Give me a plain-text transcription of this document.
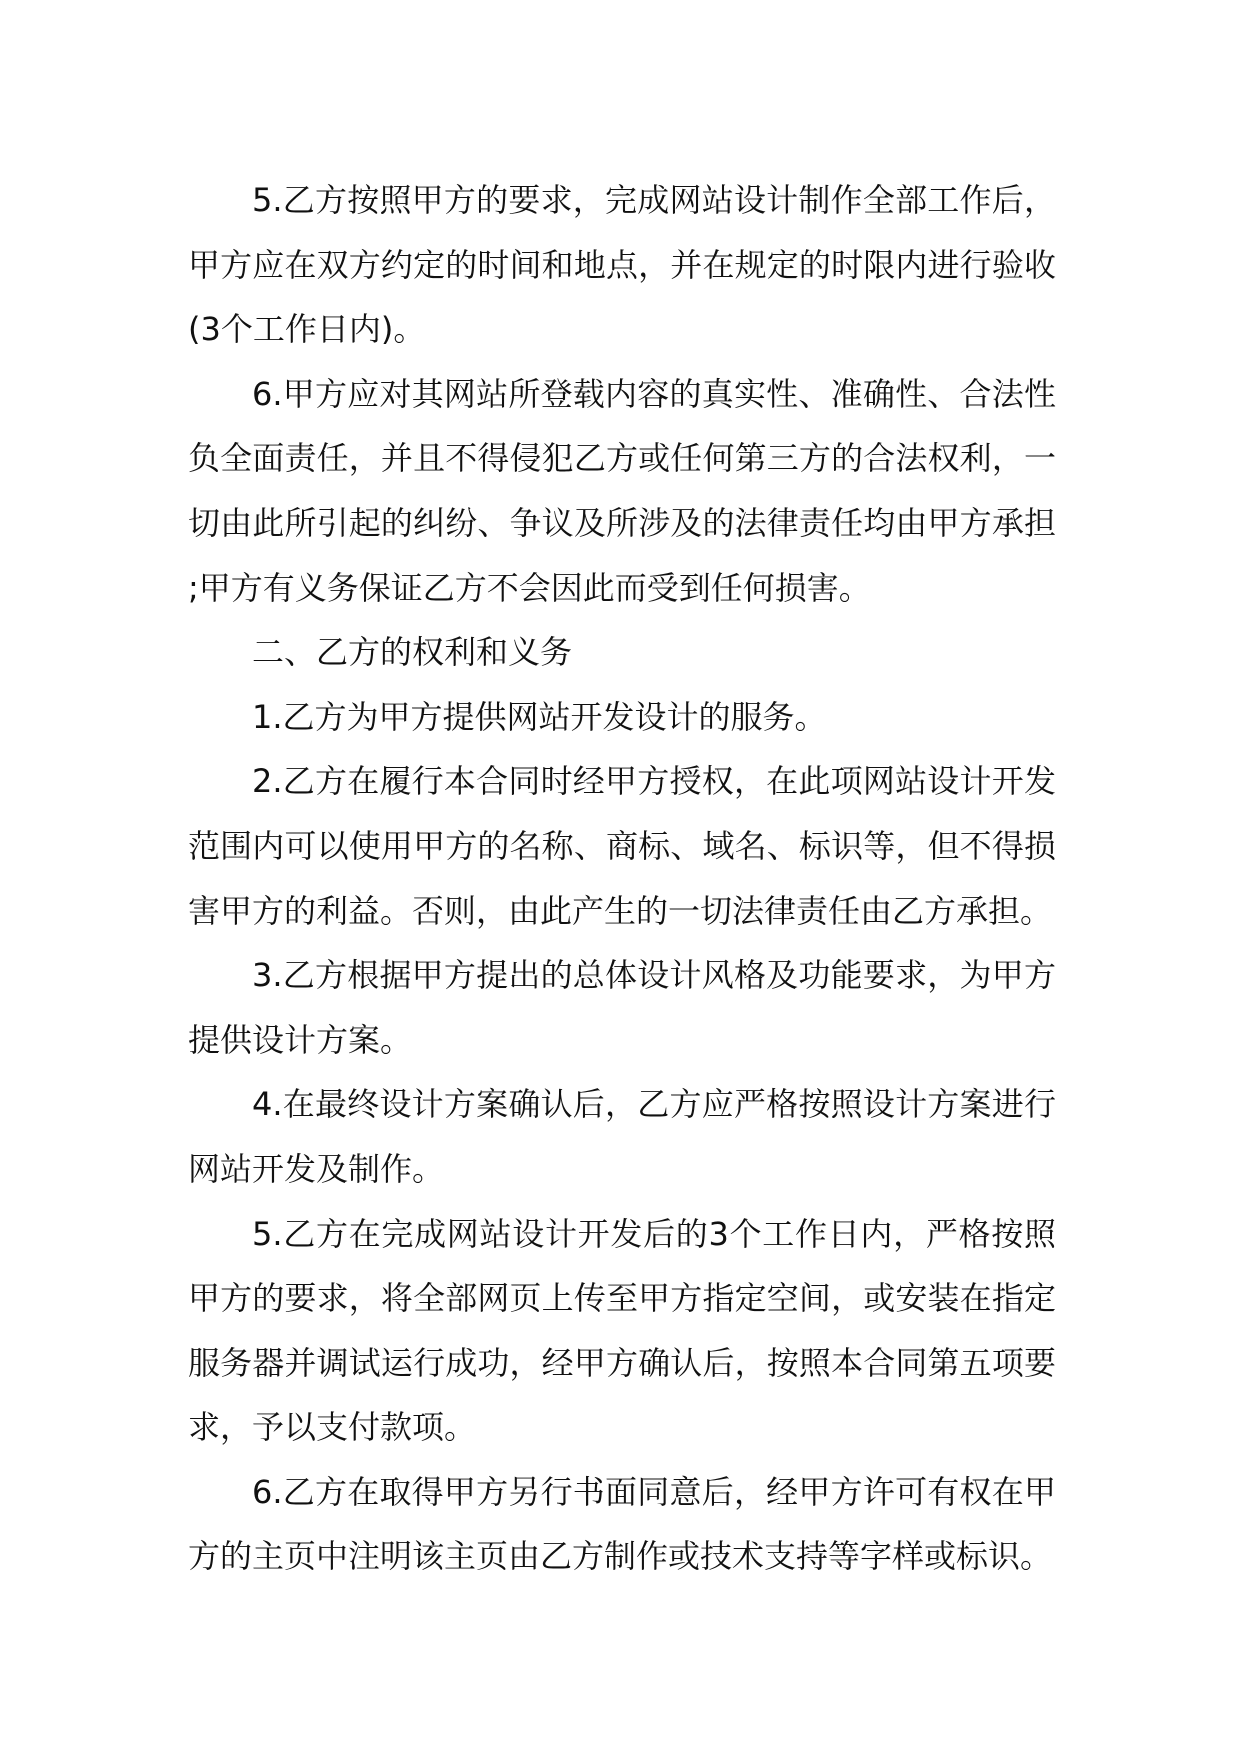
5.乙方按照甲方的要求，完成网站设计制作全部工作后，甲方应在双方约定的时间和地点，并在规定的时限内进行验收(3个工作日内)。

6.甲方应对其网站所登载内容的真实性、准确性、合法性负全面责任，并且不得侵犯乙方或任何第三方的合法权利，一切由此所引起的纠纷、争议及所涉及的法律责任均由甲方承担;甲方有义务保证乙方不会因此而受到任何损害。

二、乙方的权利和义务

1.乙方为甲方提供网站开发设计的服务。

2.乙方在履行本合同时经甲方授权，在此项网站设计开发范围内可以使用甲方的名称、商标、域名、标识等，但不得损害甲方的利益。否则，由此产生的一切法律责任由乙方承担。

3.乙方根据甲方提出的总体设计风格及功能要求，为甲方提供设计方案。

4.在最终设计方案确认后，乙方应严格按照设计方案进行网站开发及制作。

5.乙方在完成网站设计开发后的3个工作日内，严格按照甲方的要求，将全部网页上传至甲方指定空间，或安装在指定服务器并调试运行成功，经甲方确认后，按照本合同第五项要求，予以支付款项。

6.乙方在取得甲方另行书面同意后，经甲方许可有权在甲方的主页中注明该主页由乙方制作或技术支持等字样或标识。
